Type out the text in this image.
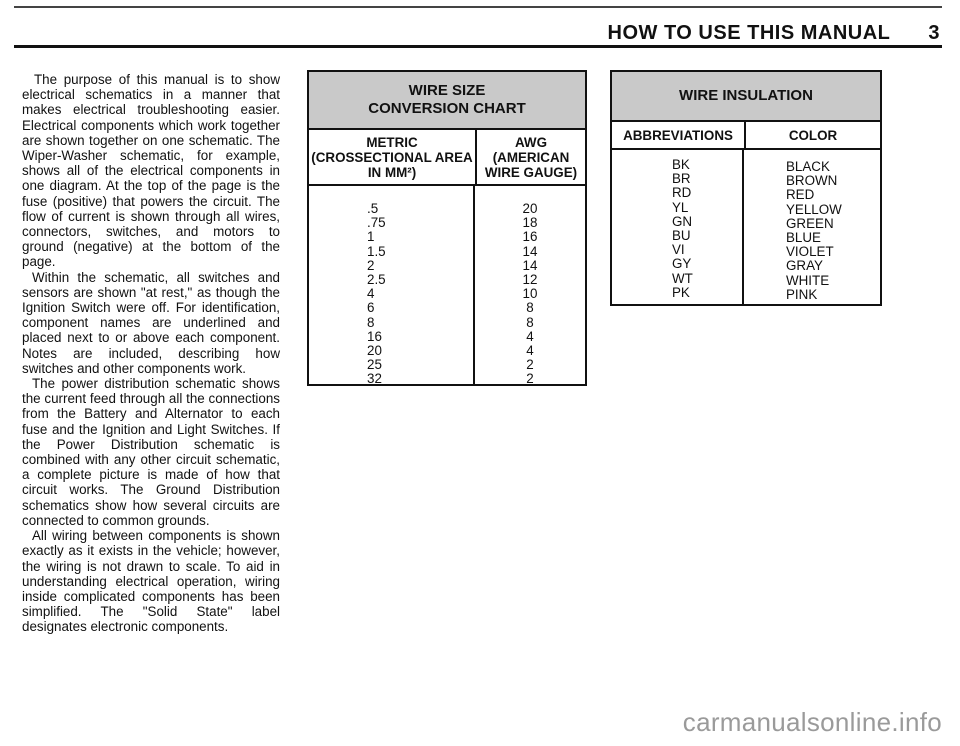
HOW TO USE THIS MANUAL 3

The purpose of this manual is to show electrical schematics in a manner that makes electrical troubleshooting easier. Electrical components which work together are shown together on one schematic. The Wiper-Washer schematic, for example, shows all of the electrical components in one diagram. At the top of the page is the fuse (positive) that powers the circuit. The flow of current is shown through all wires, connectors, switches, and motors to ground (negative) at the bottom of the page.

Within the schematic, all switches and sensors are shown "at rest," as though the Ignition Switch were off. For identification, component names are underlined and placed next to or above each component. Notes are included, describing how switches and other components work.

The power distribution schematic shows the current feed through all the connections from the Battery and Alternator to each fuse and the Ignition and Light Switches. If the Power Distribution schematic is combined with any other circuit schematic, a complete picture is made of how that circuit works. The Ground Distribution schematics show how several circuits are connected to common grounds.

All wiring between components is shown exactly as it exists in the vehicle; however, the wiring is not drawn to scale. To aid in understanding electrical operation, wiring inside complicated components has been simplified. The "Solid State" label designates electronic components.

WIRE SIZE
CONVERSION CHART
METRIC
(CROSSECTIONAL AREA
IN MM²)
AWG
(AMERICAN
WIRE GAUGE)
.5
.75
1
1.5
2
2.5
4
6
8
16
20
25
32
20
18
16
14
14
12
10
8
8
4
4
2
2
WIRE INSULATION
ABBREVIATIONS	COLOR
BK
BR
RD
YL
GN
BU
VI
GY
WT
PK
BLACK
BROWN
RED
YELLOW
GREEN
BLUE
VIOLET
GRAY
WHITE
PINK
carmanualsonline.info
